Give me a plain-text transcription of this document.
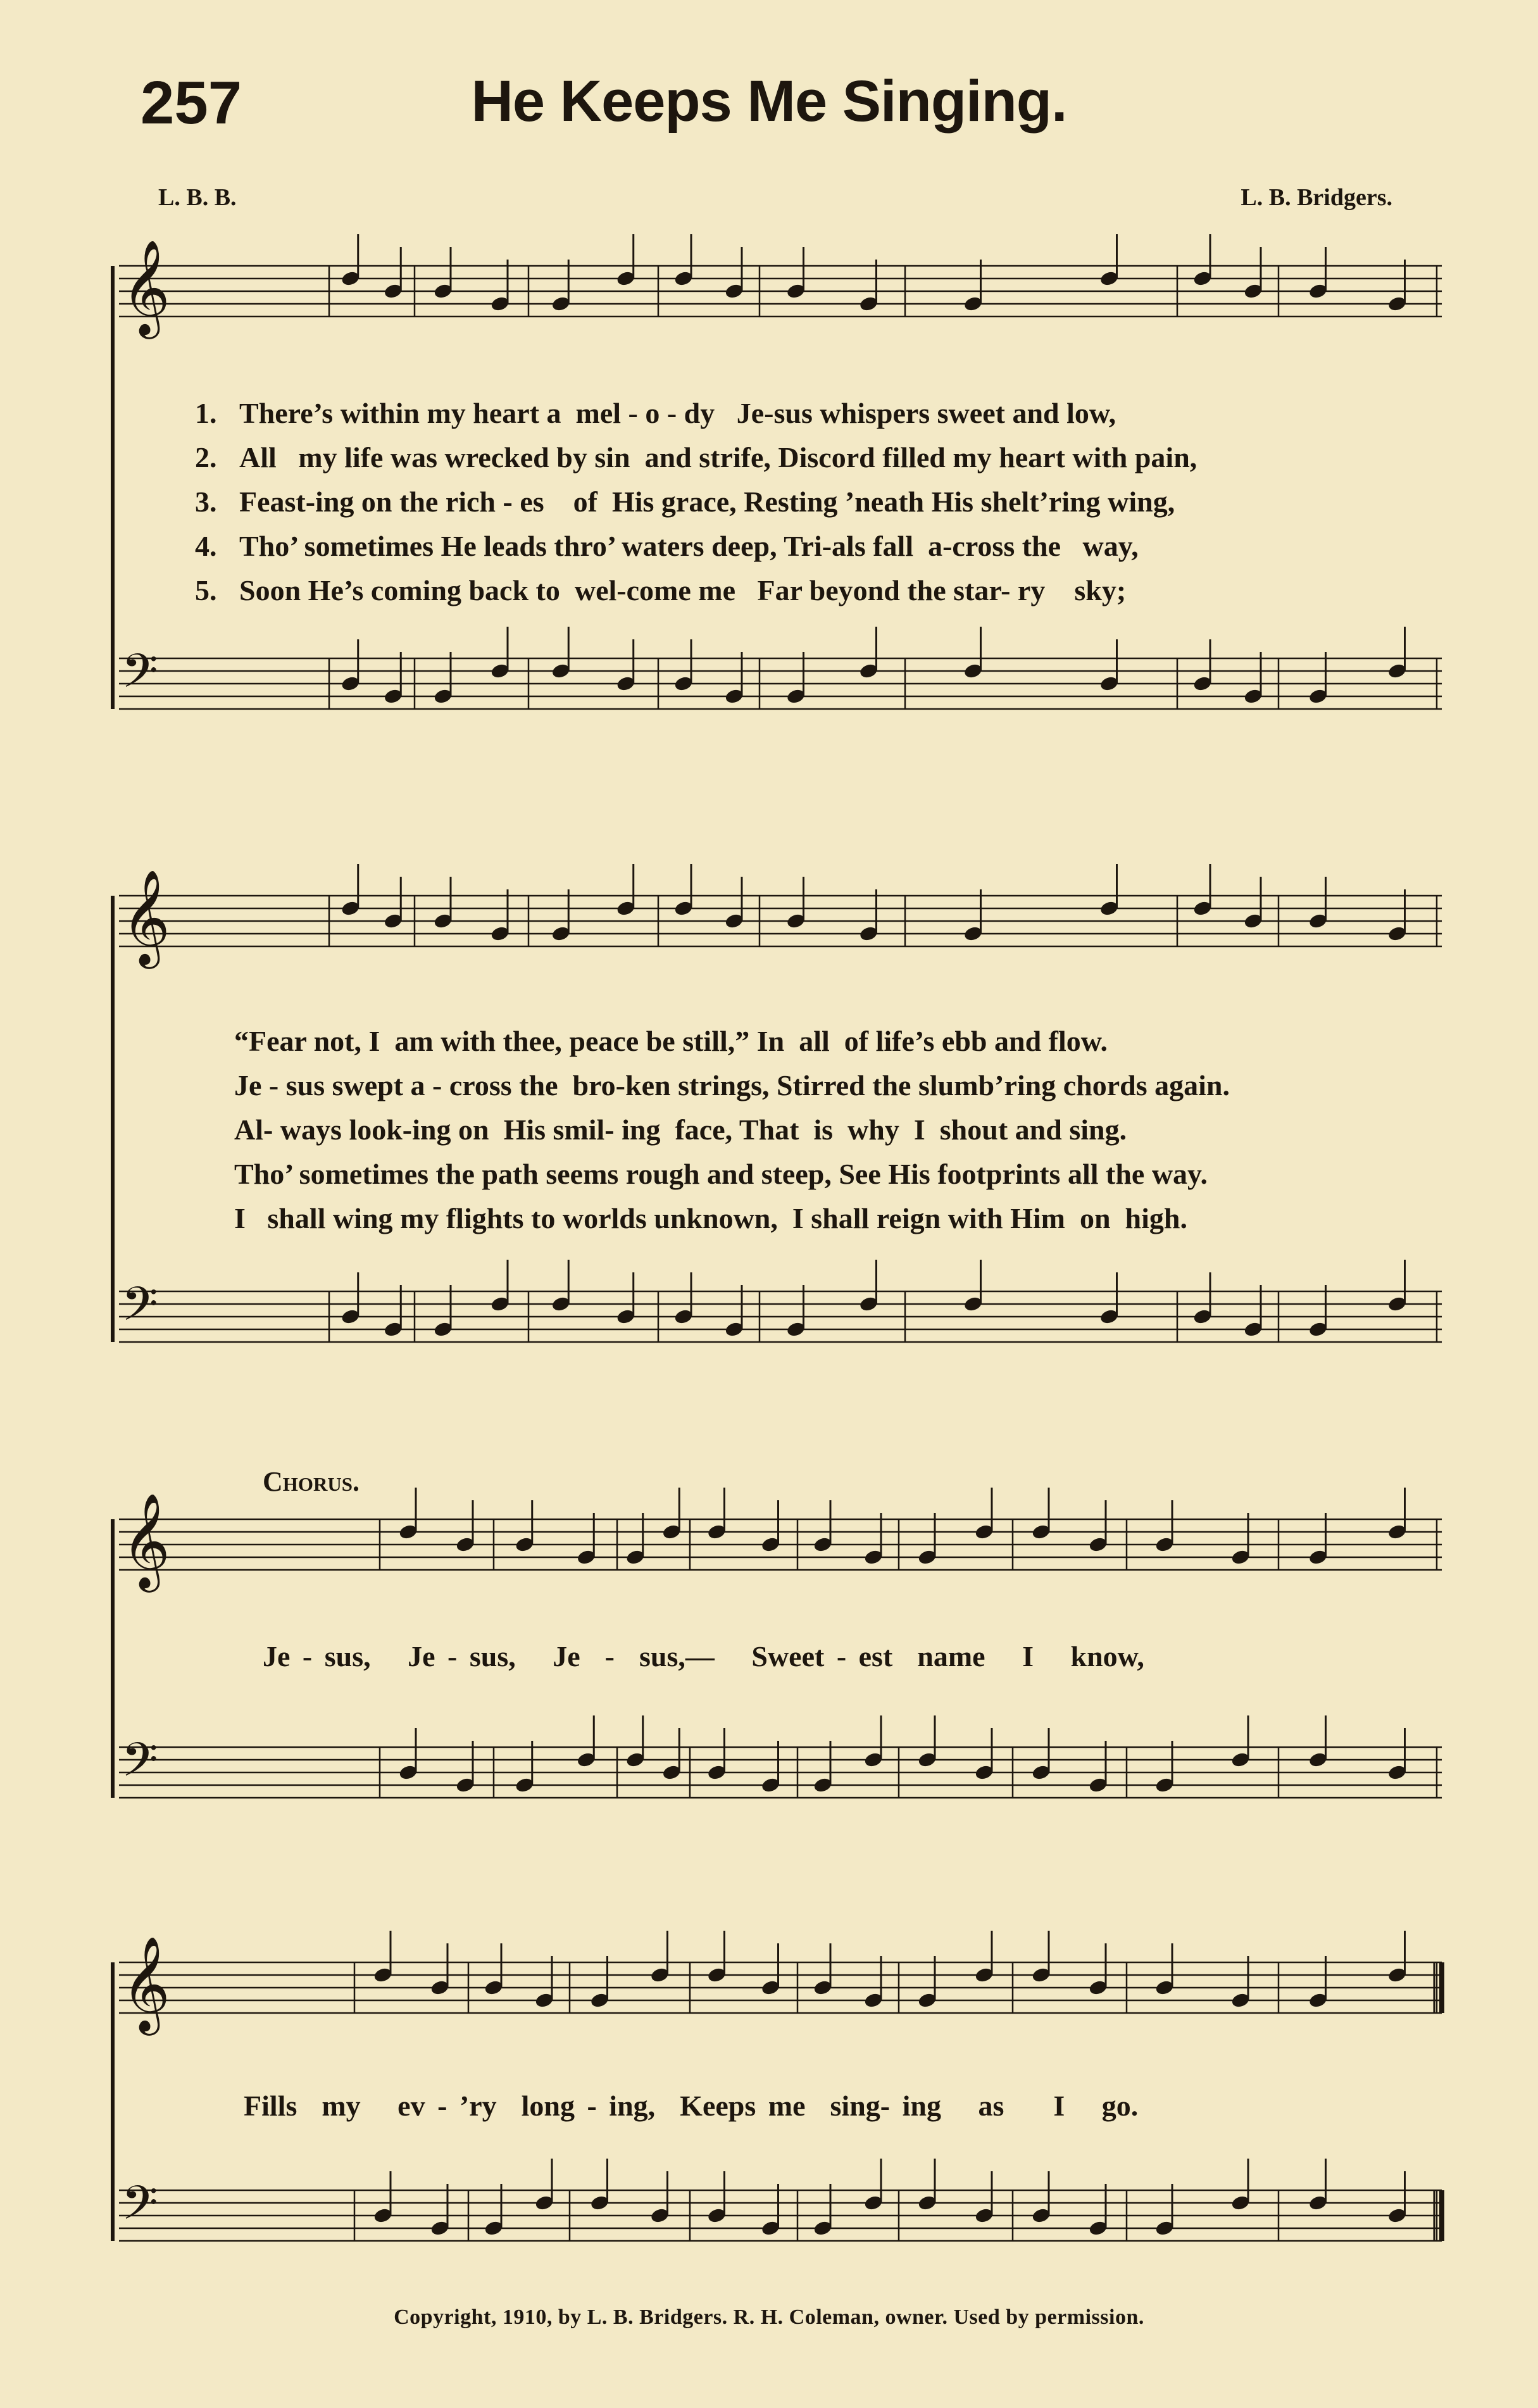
257	He Keeps Me Singing.
L. B. B.	L. B. Bridgers.
𝄞
𝄢
𝄞
𝄢
𝄞
𝄢
𝄞
𝄢
1. There’s within my heart a  mel - o - dy   Je-sus whispers sweet and low,
2. All   my life was wrecked by sin  and strife, Discord filled my heart with pain,
3. Feast-ing on the rich - es    of  His grace, Resting ’neath His shelt’ring wing,
4. Tho’ sometimes He leads thro’ waters deep, Tri-als fall  a-cross the   way,
5. Soon He’s coming back to  wel-come me   Far beyond the star- ry    sky;
“Fear not, I  am with thee, peace be still,” In  all  of life’s ebb and flow.
Je - sus swept a - cross the  bro-ken strings, Stirred the slumb’ring chords again.
Al- ways look-ing on  His smil- ing  face, That  is  why  I  shout and sing.
Tho’ sometimes the path seems rough and steep, See His footprints all the way.
I   shall wing my flights to worlds unknown,  I shall reign with Him  on  high.
Chorus.
Je - sus,   Je - sus,   Je  -  sus,—   Sweet - est  name   I   know,
Fills  my   ev - ’ry  long - ing,  Keeps me  sing- ing   as    I   go.
Copyright, 1910, by L. B. Bridgers. R. H. Coleman, owner. Used by permission.
